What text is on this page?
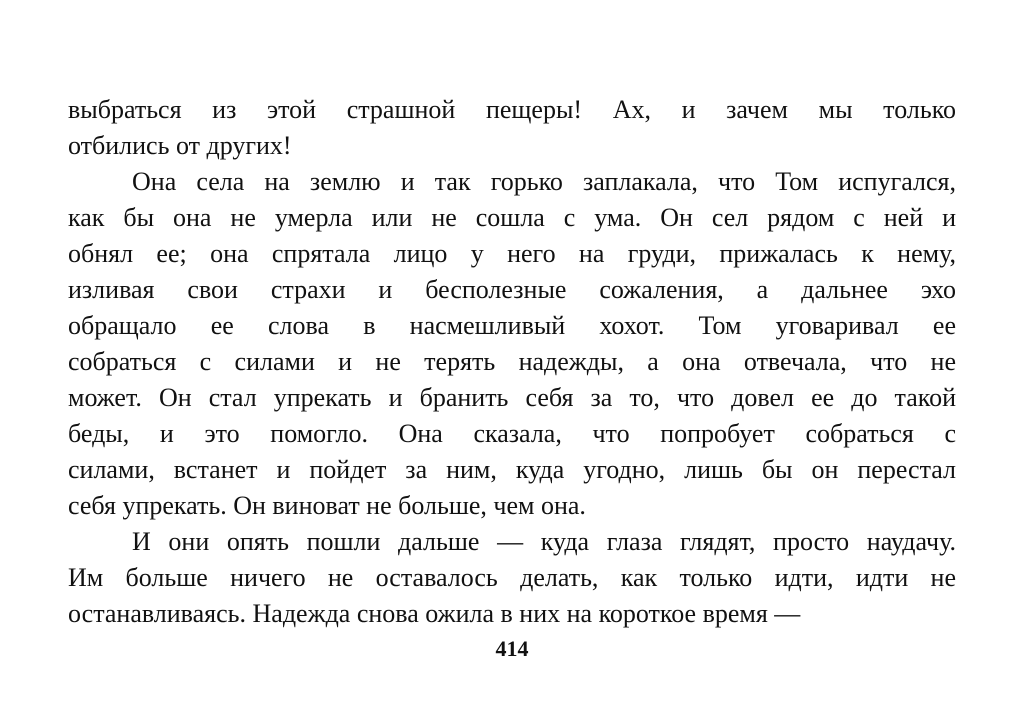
выбраться из этой страшной пещеры! Ах, и зачем мы только
отбились от других!
Она села на землю и так горько заплакала, что Том испугался,
как бы она не умерла или не сошла с ума. Он сел рядом с ней и
обнял ее; она спрятала лицо у него на груди, прижалась к нему,
изливая свои страхи и бесполезные сожаления, а дальнее эхо
обращало ее слова в насмешливый хохот. Том уговаривал ее
собраться с силами и не терять надежды, а она отвечала, что не
может. Он стал упрекать и бранить себя за то, что довел ее до такой
беды, и это помогло. Она сказала, что попробует собраться с
силами, встанет и пойдет за ним, куда угодно, лишь бы он перестал
себя упрекать. Он виноват не больше, чем она.
И они опять пошли дальше — куда глаза глядят, просто наудачу.
Им больше ничего не оставалось делать, как только идти, идти не
останавливаясь. Надежда снова ожила в них на короткое время —
414
